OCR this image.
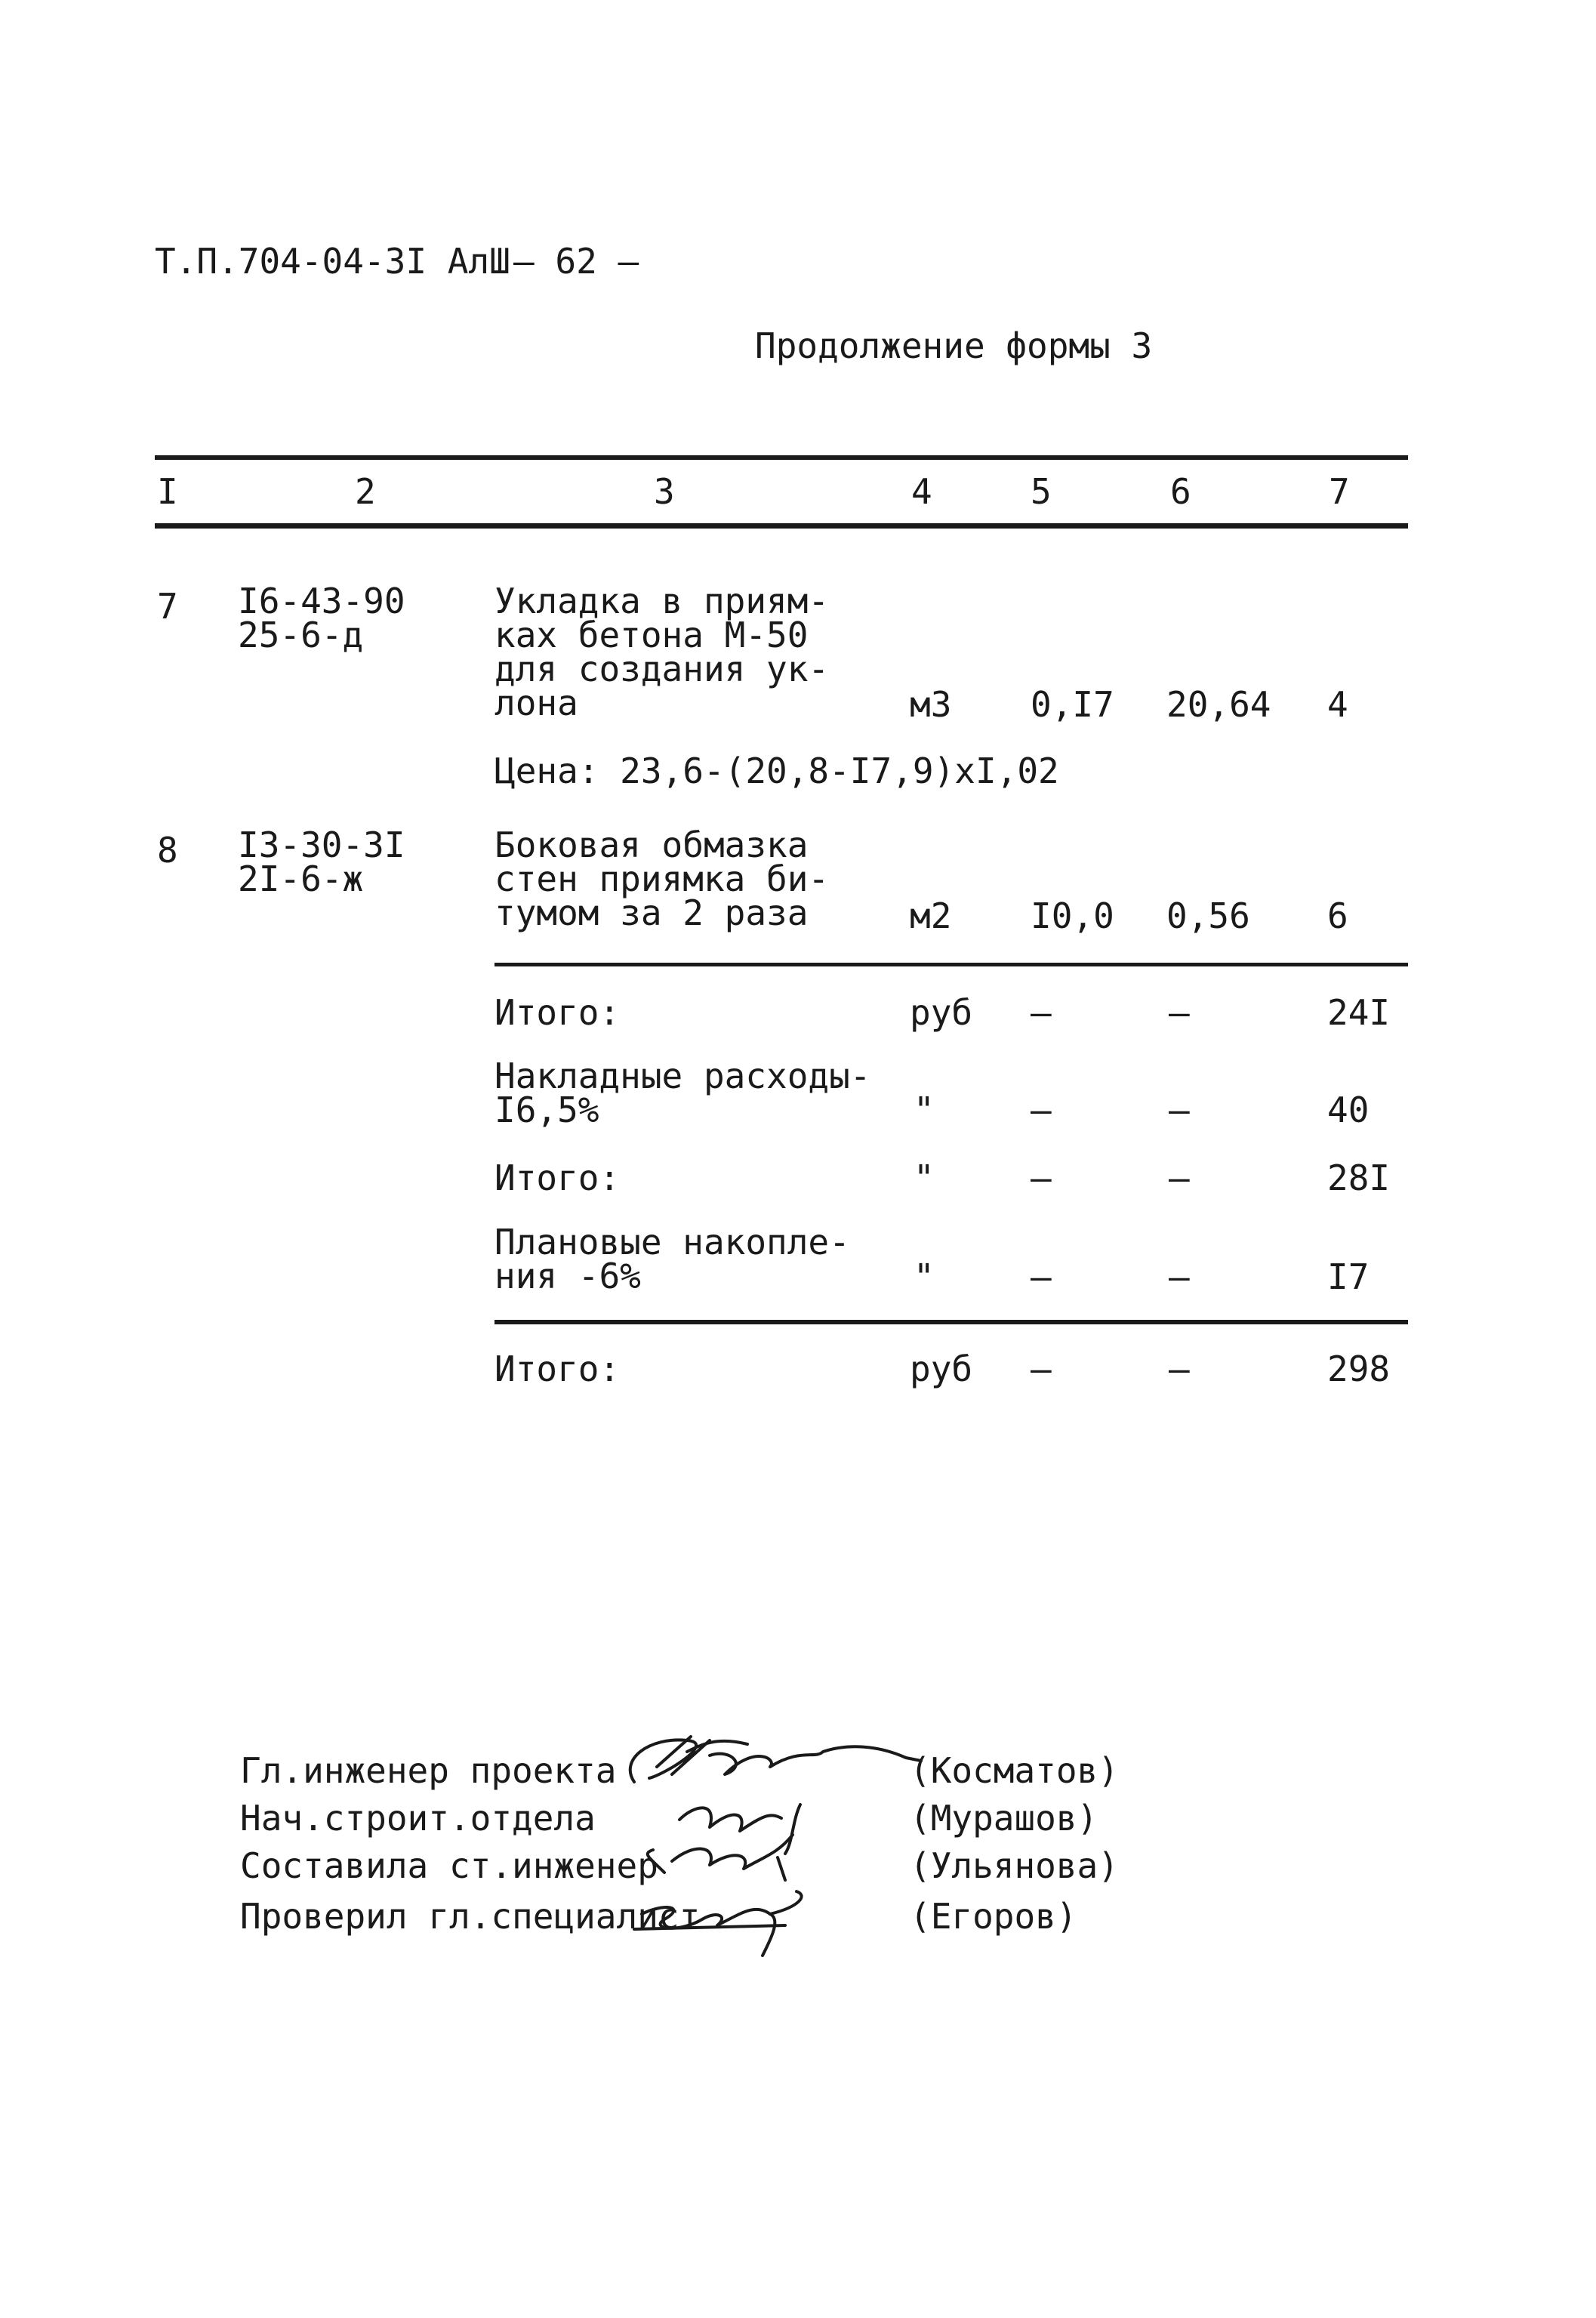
Т.П.704-04-3I АлШ — 62 —
Продолжение формы 3
I	2	3	4	5	6	7
7 I6-43-90
25-6-д
Укладка в приям-
ках бетона М-50
для создания ук-
лона	м3 0,I7 20,64 4
Цена: 23,6-(20,8-I7,9)хI,02
8 I3-30-3I
2I-6-ж
Боковая обмазка
стен приямка би-
тумом за 2 раза	м2 I0,0 0,56 6
Итого:	руб –	–	24I
Накладные расходы-
I6,5%	"	–	–	40
Итого:	"	–	–	28I
Плановые накопле-
ния -6%	"	–	–	I7
Итого:	руб –	–	298
Гл.инженер проекта	(Косматов)
Нач.строит.отдела	(Мурашов)
Составила ст.инженер	(Ульянова)
Проверил гл.специалист	(Егоров)
